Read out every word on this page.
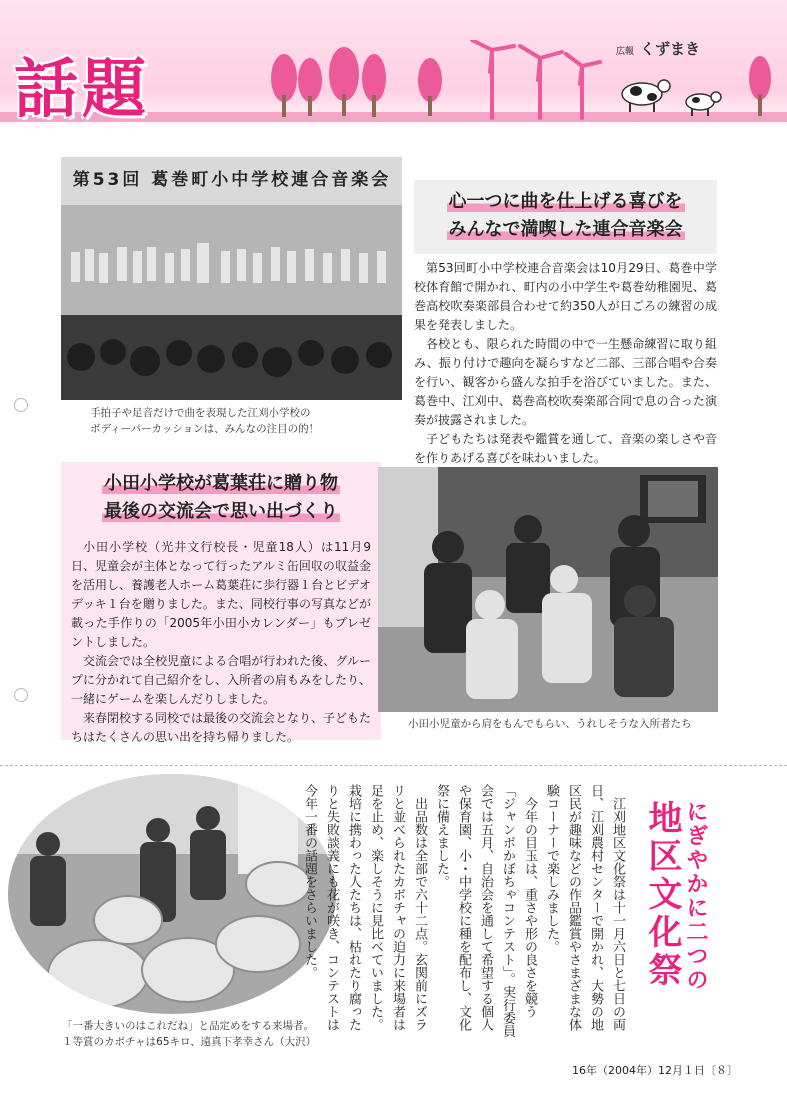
話題
広報 くずまき
第53回 葛巻町小中学校連合音楽会
手拍子や足音だけで曲を表現した江刈小学校の
ボディーパーカッションは、みんなの注目の的！
心一つに曲を仕上げる喜びを
みんなで満喫した連合音楽会

第53回町小中学校連合音楽会は10月29日、葛巻中学校体育館で開かれ、町内の小中学生や葛巻幼稚園児、葛巻高校吹奏楽部員合わせて約350人が日ごろの練習の成果を発表しました。

各校とも、限られた時間の中で一生懸命練習に取り組み、振り付けで趣向を凝らすなど二部、三部合唱や合奏を行い、観客から盛んな拍手を浴びていました。また、葛巻中、江刈中、葛巻高校吹奏楽部合同で息の合った演奏が披露されました。

子どもたちは発表や鑑賞を通して、音楽の楽しさや音を作りあげる喜びを味わいました。

小田小学校が葛葉荘に贈り物
最後の交流会で思い出づくり

小田小学校（光井文行校長・児童18人）は11月9日、児童会が主体となって行ったアルミ缶回収の収益金を活用し、養護老人ホーム葛葉荘に歩行器１台とビデオデッキ１台を贈りました。また、同校行事の写真などが載った手作りの「2005年小田小カレンダー」もプレゼントしました。

交流会では全校児童による合唱が行われた後、グループに分かれて自己紹介をし、入所者の肩もみをしたり、一緒にゲームを楽しんだりしました。

来春閉校する同校では最後の交流会となり、子どもたちはたくさんの思い出を持ち帰りました。

小田小児童から肩をもんでもらい、うれしそうな入所者たち
「一番大きいのはこれだね」と品定めをする来場者。
１等賞のカボチャは65キロ、遠真下孝幸さん（大沢）
にぎやかに二つの
地区文化祭

江刈地区文化祭は十一月六日と七日の両日、江刈農村センターで開かれ、大勢の地区民が趣味などの作品鑑賞やさまざまな体験コーナーで楽しみました。

今年の目玉は、重さや形の良さを競う「ジャンボかぼちゃコンテスト」。実行委員会では五月、自治会を通して希望する個人や保育園、小・中学校に種を配布し、文化祭に備えました。

出品数は全部で六十二点。玄関前にズラリと並べられたカボチャの迫力に来場者は足を止め、楽しそうに見比べていました。栽培に携わった人たちは、枯れたり腐ったりと失敗談義にも花が咲き、コンテストは今年一番の話題をさらいました。

16年（2004年）12月１日〔８〕
